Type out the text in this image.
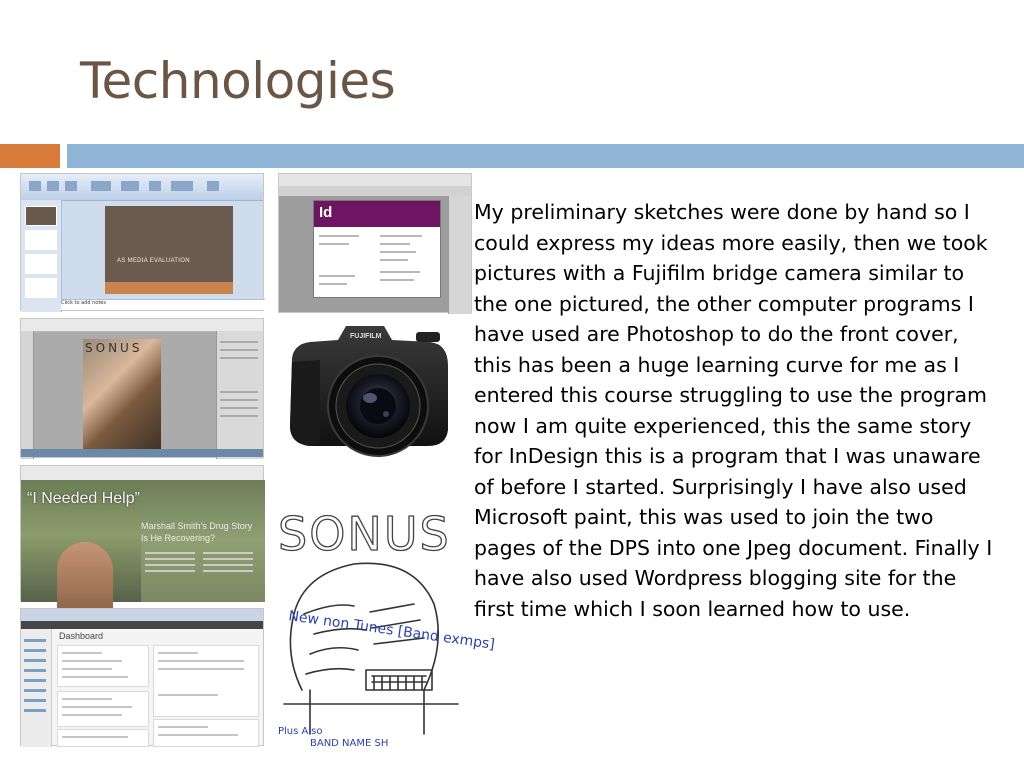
Technologies
AS MEDIA EVALUATION
Click to add notes
Id
SONUS
“I Needed Help”
Marshall Smith's Drug Story Is He Recovering?
Dashboard
FUJIFILM
SONUS
New non Tunes [Band exmps]
Plus Also
BAND NAME SH

My preliminary sketches were done by hand so I could express my ideas more easily, then we took pictures with a Fujifilm bridge camera similar to the one pictured, the other computer programs I have used are Photoshop to do the front cover, this has been a huge learning curve for me as I entered this course struggling to use the program now I am quite experienced, this the same story for InDesign this is a program that I was unaware of before I started. Surprisingly I have also used Microsoft paint, this was used to join the two pages of the DPS into one Jpeg document. Finally I have also used Wordpress blogging site for the first time which I soon learned how to use.
